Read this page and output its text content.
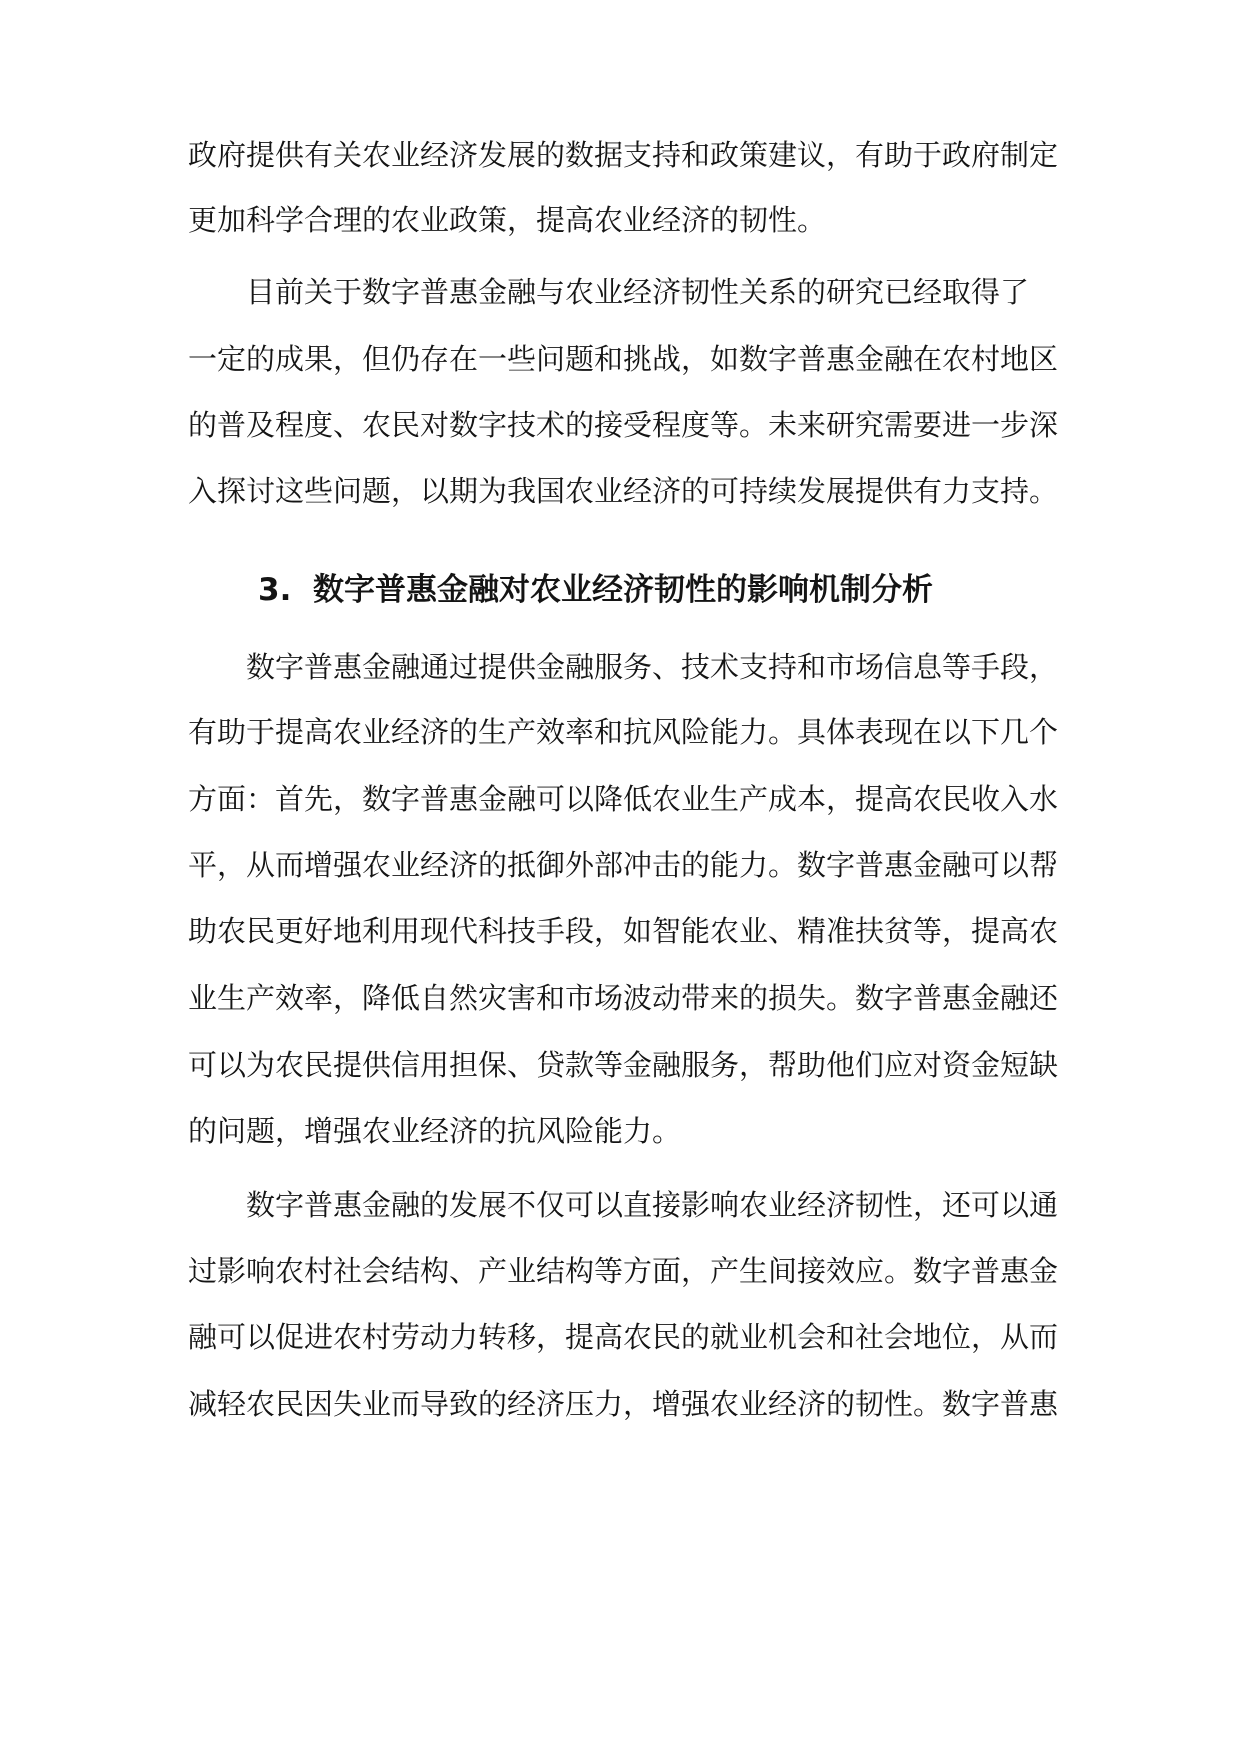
政府提供有关农业经济发展的数据支持和政策建议，有助于政府制定

更加科学合理的农业政策，提高农业经济的韧性。

目前关于数字普惠金融与农业经济韧性关系的研究已经取得了

一定的成果，但仍存在一些问题和挑战，如数字普惠金融在农村地区

的普及程度、农民对数字技术的接受程度等。未来研究需要进一步深

入探讨这些问题，以期为我国农业经济的可持续发展提供有力支持。

3. 数字普惠金融对农业经济韧性的影响机制分析

数字普惠金融通过提供金融服务、技术支持和市场信息等手段，

有助于提高农业经济的生产效率和抗风险能力。具体表现在以下几个

方面：首先，数字普惠金融可以降低农业生产成本，提高农民收入水

平，从而增强农业经济的抵御外部冲击的能力。数字普惠金融可以帮

助农民更好地利用现代科技手段，如智能农业、精准扶贫等，提高农

业生产效率，降低自然灾害和市场波动带来的损失。数字普惠金融还

可以为农民提供信用担保、贷款等金融服务，帮助他们应对资金短缺

的问题，增强农业经济的抗风险能力。

数字普惠金融的发展不仅可以直接影响农业经济韧性，还可以通

过影响农村社会结构、产业结构等方面，产生间接效应。数字普惠金

融可以促进农村劳动力转移，提高农民的就业机会和社会地位，从而

减轻农民因失业而导致的经济压力，增强农业经济的韧性。数字普惠
